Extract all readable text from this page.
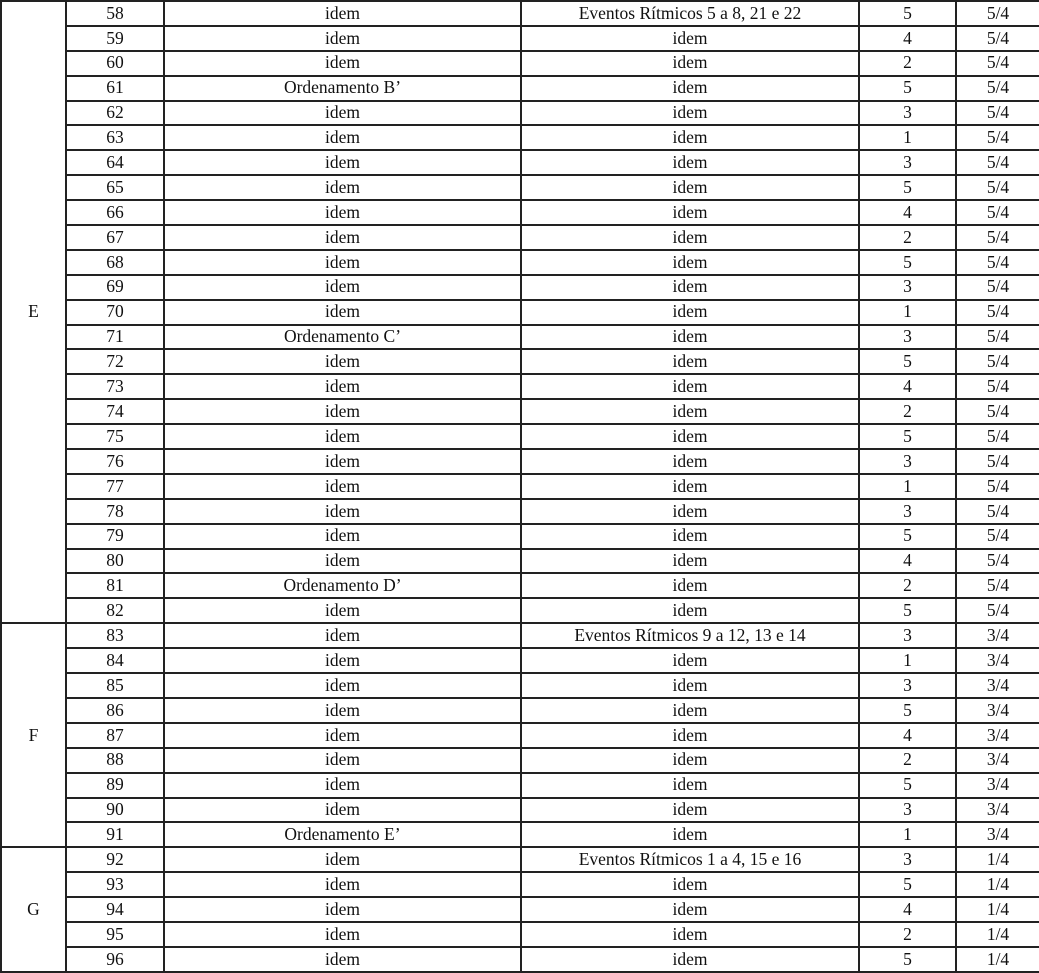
E	58	idem	Eventos Rítmicos 5 a 8, 21 e 22	5	5/4
	59	idem	idem	4	5/4
	60	idem	idem	2	5/4
	61	Ordenamento B’	idem	5	5/4
	62	idem	idem	3	5/4
	63	idem	idem	1	5/4
	64	idem	idem	3	5/4
	65	idem	idem	5	5/4
	66	idem	idem	4	5/4
	67	idem	idem	2	5/4
	68	idem	idem	5	5/4
	69	idem	idem	3	5/4
	70	idem	idem	1	5/4
	71	Ordenamento C’	idem	3	5/4
	72	idem	idem	5	5/4
	73	idem	idem	4	5/4
	74	idem	idem	2	5/4
	75	idem	idem	5	5/4
	76	idem	idem	3	5/4
	77	idem	idem	1	5/4
	78	idem	idem	3	5/4
	79	idem	idem	5	5/4
	80	idem	idem	4	5/4
	81	Ordenamento D’	idem	2	5/4
	82	idem	idem	5	5/4
F	83	idem	Eventos Rítmicos 9 a 12, 13 e 14	3	3/4
	84	idem	idem	1	3/4
	85	idem	idem	3	3/4
	86	idem	idem	5	3/4
	87	idem	idem	4	3/4
	88	idem	idem	2	3/4
	89	idem	idem	5	3/4
	90	idem	idem	3	3/4
	91	Ordenamento E’	idem	1	3/4
G	92	idem	Eventos Rítmicos 1 a 4, 15 e 16	3	1/4
	93	idem	idem	5	1/4
	94	idem	idem	4	1/4
	95	idem	idem	2	1/4
	96	idem	idem	5	1/4
